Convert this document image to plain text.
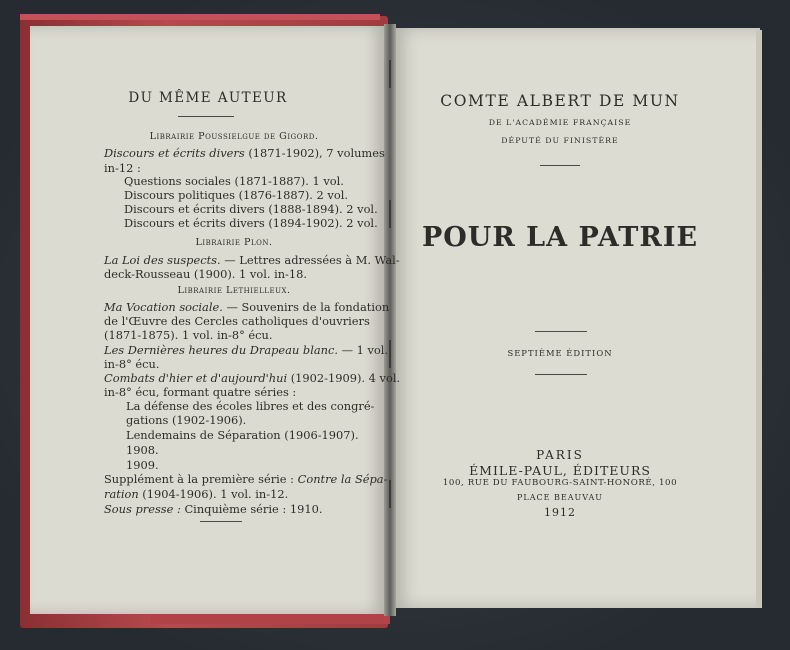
DU MÊME AUTEUR
Librairie Poussielgue de Gigord.
Discours et écrits divers (1871-1902), 7 volumes
in-12 :
Questions sociales (1871-1887). 1 vol.
Discours politiques (1876-1887). 2 vol.
Discours et écrits divers (1888-1894). 2 vol.
Discours et écrits divers (1894-1902). 2 vol.
Librairie Plon.
La Loi des suspects. — Lettres adressées à M. Wal-
deck-Rousseau (1900). 1 vol. in-18.
Librairie Lethielleux.
Ma Vocation sociale. — Souvenirs de la fondation
de l'Œuvre des Cercles catholiques d'ouvriers
(1871-1875). 1 vol. in-8° écu.
Les Dernières heures du Drapeau blanc. — 1 vol.
in-8° écu.
Combats d'hier et d'aujourd'hui (1902-1909). 4 vol.
in-8° écu, formant quatre séries :
La défense des écoles libres et des congré-
gations (1902-1906).
Lendemains de Séparation (1906-1907).
1908.
1909.
Supplément à la première série : Contre la Sépa-
ration (1904-1906). 1 vol. in-12.
Sous presse : Cinquième série : 1910.
COMTE ALBERT DE MUN
DE L'ACADÉMIE FRANÇAISE
DÉPUTÉ DU FINISTÈRE
POUR LA PATRIE
SEPTIÈME ÉDITION
PARIS
ÉMILE-PAUL, ÉDITEURS
100, RUE DU FAUBOURG-SAINT-HONORÉ, 100
PLACE BEAUVAU
1912
